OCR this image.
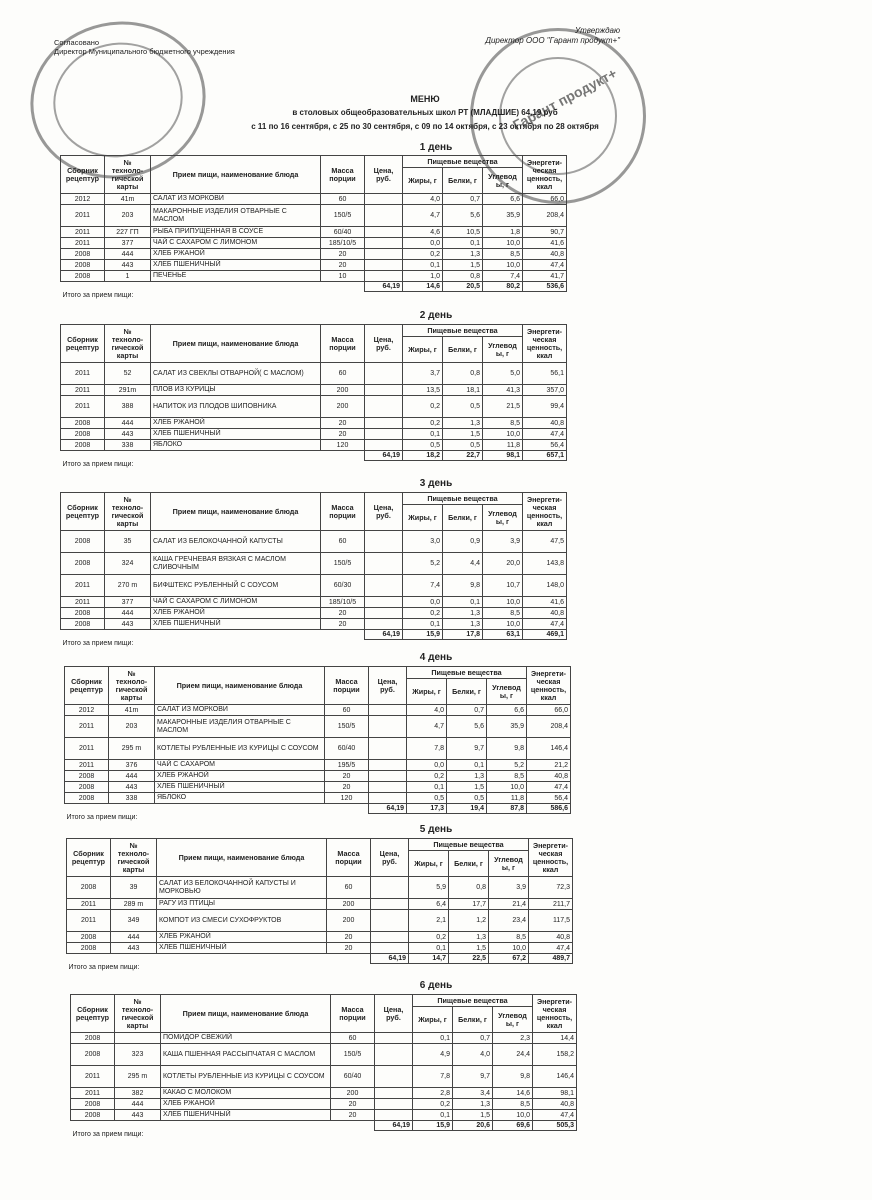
Гарант продукт+
Согласовано
Директор Муниципального бюджетного учреждения
Утверждаю
Директор ООО "Гарант продукт+"
МЕНЮ
в столовых общеобразовательных школ РТ (МЛАДШИЕ) 64,19 руб
с 11 по 16 сентября, с 25 по 30 сентября, с 09 по 14 октября, с 23 октября по 28 октября
1 день
Сборник рецептур	№ техноло-гической карты	Прием пищи, наименование блюда	Масса порции	Цена, руб.	Пищевые вещества			Энергети-ческая ценность, ккал
					Жиры, г	Белки, г	Углевод ы, г	
2012	41m	САЛАТ ИЗ МОРКОВИ	60		4,0	0,7	6,6	66,0
2011	203	МАКАРОННЫЕ ИЗДЕЛИЯ ОТВАРНЫЕ С МАСЛОМ	150/5		4,7	5,6	35,9	208,4
2011	227 ГП	РЫБА ПРИПУЩЕННАЯ В СОУСЕ	60/40		4,6	10,5	1,8	90,7
2011	377	ЧАЙ С САХАРОМ С ЛИМОНОМ	185/10/5		0,0	0,1	10,0	41,6
2008	444	ХЛЕБ РЖАНОЙ	20		0,2	1,3	8,5	40,8
2008	443	ХЛЕБ ПШЕНИЧНЫЙ	20		0,1	1,5	10,0	47,4
2008	1	ПЕЧЕНЬЕ	10		1,0	0,8	7,4	41,7
				64,19	14,6	20,5	80,2	536,6
Итого за прием пищи:								
2 день
Сборник рецептур	№ техноло-гической карты	Прием пищи, наименование блюда	Масса порции	Цена, руб.	Пищевые вещества			Энергети-ческая ценность, ккал
					Жиры, г	Белки, г	Углевод ы, г	
2011	52	САЛАТ ИЗ СВЕКЛЫ ОТВАРНОЙ( С МАСЛОМ)	60		3,7	0,8	5,0	56,1
2011	291m	ПЛОВ ИЗ КУРИЦЫ	200		13,5	18,1	41,3	357,0
2011	388	НАПИТОК ИЗ ПЛОДОВ ШИПОВНИКА	200		0,2	0,5	21,5	99,4
2008	444	ХЛЕБ РЖАНОЙ	20		0,2	1,3	8,5	40,8
2008	443	ХЛЕБ ПШЕНИЧНЫЙ	20		0,1	1,5	10,0	47,4
2008	338	ЯБЛОКО	120		0,5	0,5	11,8	56,4
				64,19	18,2	22,7	98,1	657,1
Итого за прием пищи:								
3 день
Сборник рецептур	№ техноло-гической карты	Прием пищи, наименование блюда	Масса порции	Цена, руб.	Пищевые вещества			Энергети-ческая ценность, ккал
					Жиры, г	Белки, г	Углевод ы, г	
2008	35	САЛАТ ИЗ БЕЛОКОЧАННОЙ КАПУСТЫ	60		3,0	0,9	3,9	47,5
2008	324	КАША ГРЕЧНЕВАЯ ВЯЗКАЯ С МАСЛОМ СЛИВОЧНЫМ	150/5		5,2	4,4	20,0	143,8
2011	270 m	БИФШТЕКС РУБЛЕННЫЙ С СОУСОМ	60/30		7,4	9,8	10,7	148,0
2011	377	ЧАЙ С САХАРОМ С ЛИМОНОМ	185/10/5		0,0	0,1	10,0	41,6
2008	444	ХЛЕБ РЖАНОЙ	20		0,2	1,3	8,5	40,8
2008	443	ХЛЕБ ПШЕНИЧНЫЙ	20		0,1	1,3	10,0	47,4
				64,19	15,9	17,8	63,1	469,1
Итого за прием пищи:								
4 день
Сборник рецептур	№ техноло-гической карты	Прием пищи, наименование блюда	Масса порции	Цена, руб.	Пищевые вещества			Энергети-ческая ценность, ккал
					Жиры, г	Белки, г	Углевод ы, г	
2012	41m	САЛАТ ИЗ МОРКОВИ	60		4,0	0,7	6,6	66,0
2011	203	МАКАРОННЫЕ ИЗДЕЛИЯ ОТВАРНЫЕ С МАСЛОМ	150/5		4,7	5,6	35,9	208,4
2011	295 m	КОТЛЕТЫ РУБЛЕННЫЕ ИЗ КУРИЦЫ С СОУСОМ	60/40		7,8	9,7	9,8	146,4
2011	376	ЧАЙ С САХАРОМ	195/5		0,0	0,1	5,2	21,2
2008	444	ХЛЕБ РЖАНОЙ	20		0,2	1,3	8,5	40,8
2008	443	ХЛЕБ ПШЕНИЧНЫЙ	20		0,1	1,5	10,0	47,4
2008	338	ЯБЛОКО	120		0,5	0,5	11,8	56,4
				64,19	17,3	19,4	87,8	586,6
Итого за прием пищи:								
5 день
Сборник рецептур	№ техноло-гической карты	Прием пищи, наименование блюда	Масса порции	Цена, руб.	Пищевые вещества			Энергети-ческая ценность, ккал
					Жиры, г	Белки, г	Углевод ы, г	
2008	39	САЛАТ ИЗ БЕЛОКОЧАННОЙ КАПУСТЫ И МОРКОВЬЮ	60		5,9	0,8	3,9	72,3
2011	289 m	РАГУ ИЗ ПТИЦЫ	200		6,4	17,7	21,4	211,7
2011	349	КОМПОТ ИЗ СМЕСИ СУХОФРУКТОВ	200		2,1	1,2	23,4	117,5
2008	444	ХЛЕБ РЖАНОЙ	20		0,2	1,3	8,5	40,8
2008	443	ХЛЕБ ПШЕНИЧНЫЙ	20		0,1	1,5	10,0	47,4
				64,19	14,7	22,5	67,2	489,7
Итого за прием пищи:								
6 день
Сборник рецептур	№ техноло-гической карты	Прием пищи, наименование блюда	Масса порции	Цена, руб.	Пищевые вещества			Энергети-ческая ценность, ккал
					Жиры, г	Белки, г	Углевод ы, г	
2008		ПОМИДОР СВЕЖИЙ	60		0,1	0,7	2,3	14,4
2008	323	КАША ПШЕННАЯ РАССЫПЧАТАЯ С МАСЛОМ	150/5		4,9	4,0	24,4	158,2
2011	295 m	КОТЛЕТЫ РУБЛЕННЫЕ ИЗ КУРИЦЫ С СОУСОМ	60/40		7,8	9,7	9,8	146,4
2011	382	КАКАО С МОЛОКОМ	200		2,8	3,4	14,6	98,1
2008	444	ХЛЕБ РЖАНОЙ	20		0,2	1,3	8,5	40,8
2008	443	ХЛЕБ ПШЕНИЧНЫЙ	20		0,1	1,5	10,0	47,4
				64,19	15,9	20,6	69,6	505,3
Итого за прием пищи:								
